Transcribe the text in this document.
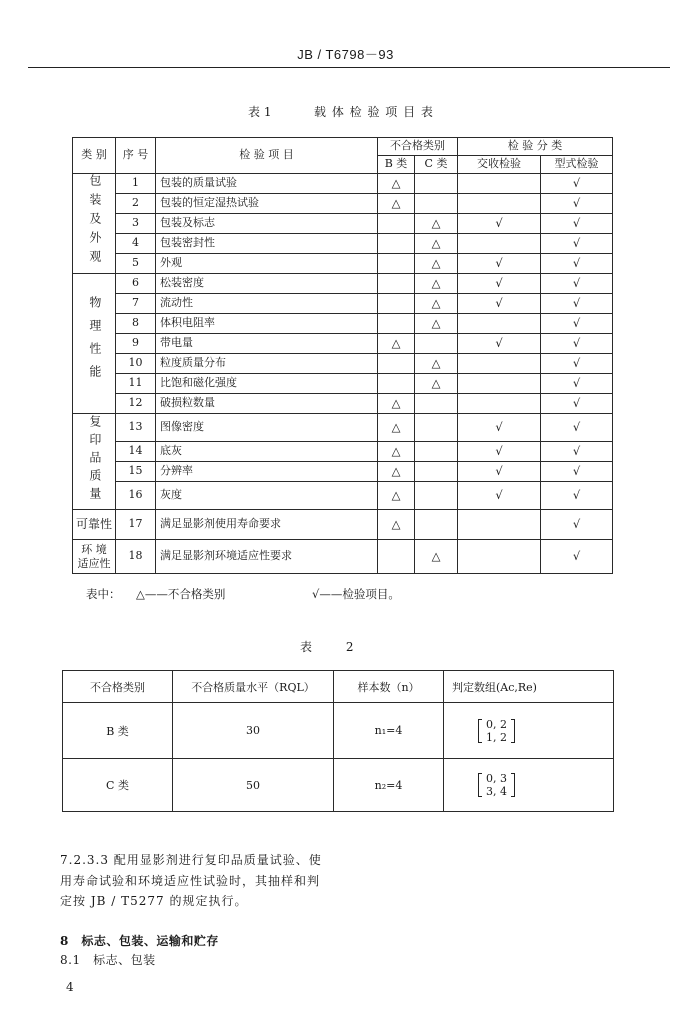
JB / T6798－93
表 1	载 体 检 验 项 目 表
类 别	序 号	检 验 项 目	不合格类别		检 验 分 类	
			B 类	C 类	交收检验	型式检验
包装及外观	1	包装的质量试验	△			√
	2	包装的恒定湿热试验	△			√
	3	包装及标志		△	√	√
	4	包装密封性		△		√
	5	外观		△	√	√
物理性能	6	松装密度		△	√	√
	7	流动性		△	√	√
	8	体积电阻率		△		√
	9	带电量	△		√	√
	10	粒度质量分布		△		√
	11	比饱和磁化强度		△		√
	12	破损粒数量	△			√
复印品质量	13	图像密度	△		√	√
	14	底灰	△		√	√
	15	分辨率	△		√	√
	16	灰度	△		√	√
可靠性	17	满足显影剂使用寿命要求	△			√

环 境
适应性	18	满足显影剂环境适应性要求		△		√
表中： △——不合格类别	√——检验项目。
表 2
不合格类别	不合格质量水平（RQL）	样本数（n）	判定数组(Ac,Re)
B 类	30	n₁=4	0, 2
1, 2

C 类	50	n₂=4	0, 3
3, 4
7.2.3.3 配用显影剂进行复印品质量试验、使
用寿命试验和环境适应性试验时，其抽样和判
定按 JB / T5277 的规定执行。
8　标志、包装、运输和贮存
8.1　标志、包装
4
